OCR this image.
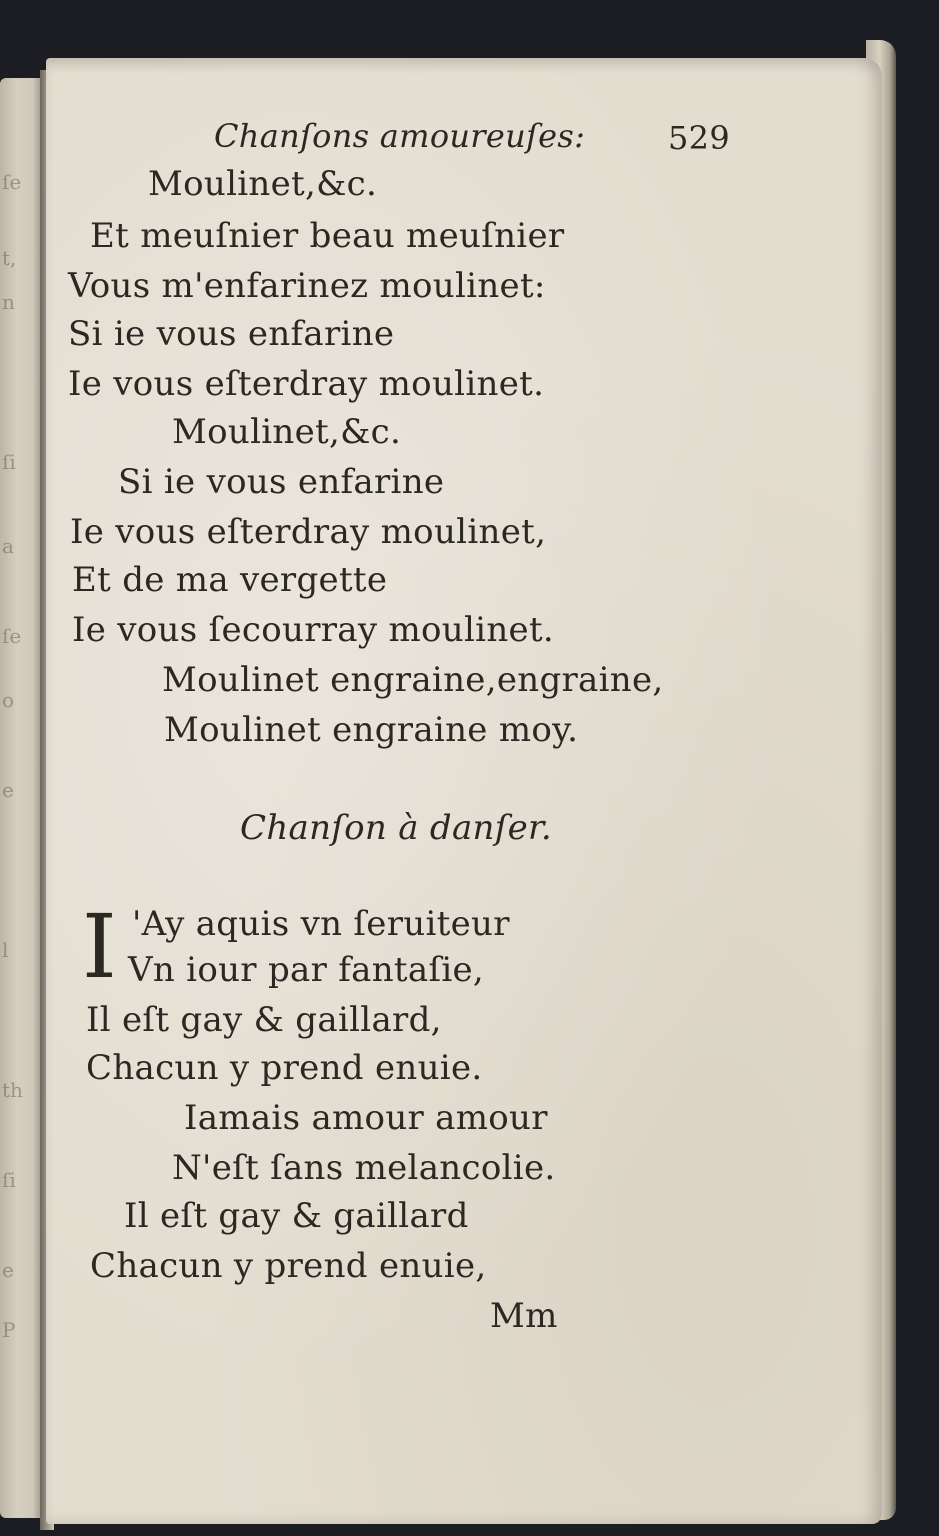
ſe
t,
n
ſi
a
ſe
o
e
l
th
ſi
e
P
Chanſons amoureuſes:	529
Moulinet,&c.
Et meuſnier beau meuſnier
Vous m'enfarinez moulinet:
Si ie vous enfarine
Ie vous eſterdray moulinet.
Moulinet,&c.
Si ie vous enfarine
Ie vous eſterdray moulinet,
Et de ma vergette
Ie vous ſecourray moulinet.
Moulinet engraine,engraine,
Moulinet engraine moy.
Chanſon à danſer.
I 'Ay aquis vn ſeruiteur
Vn iour par fantaſie,
Il eſt gay & gaillard,
Chacun y prend enuie.
Iamais amour amour
N'eſt ſans melancolie.
Il eſt gay & gaillard
Chacun y prend enuie,
Mm
